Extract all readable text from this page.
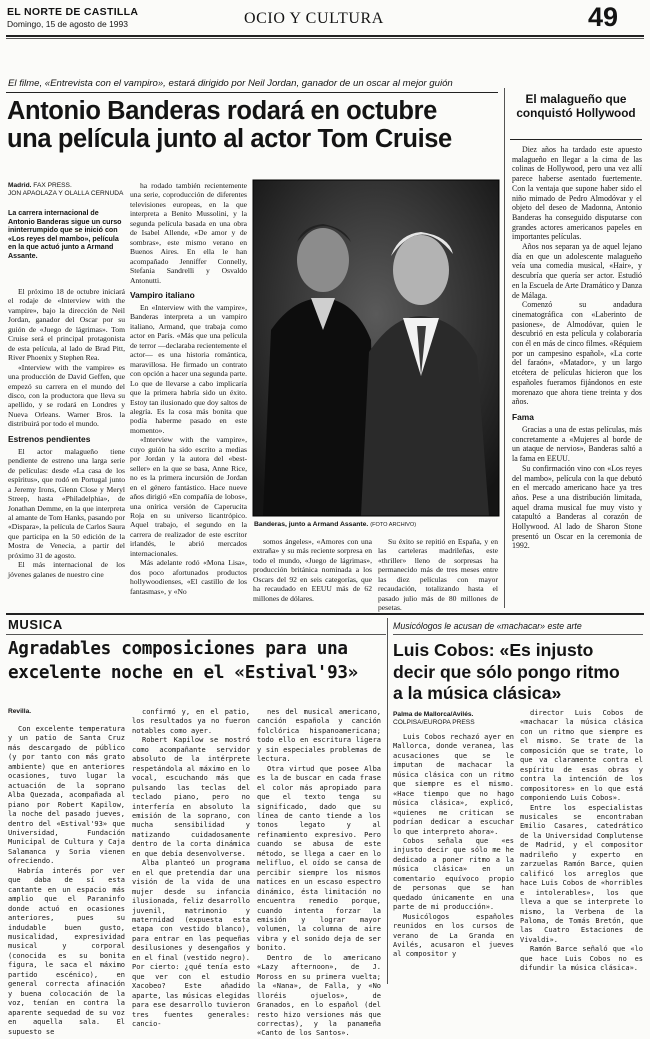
EL NORTE DE CASTILLA
Domingo, 15 de agosto de 1993	OCIO Y CULTURA	49
El filme, «Entrevista con el vampiro», estará dirigido por Neil Jordan, ganador de un oscar al mejor guión
Antonio Banderas rodará en octubre
una película junto al actor Tom Cruise
Madrid. FAX PRESS.
JON APAOLAZA Y OLALLA CERNUDA
La carrera internacional de Antonio Banderas sigue un curso ininterrumpido que se inició con «Los reyes del mambo», película en la que actuó junto a Armand Assante.

El próximo 18 de octubre iniciará el rodaje de «Interview with the vampire», bajo la dirección de Neil Jordan, ganador del Oscar por su guión de «Juego de lágrimas». Tom Cruise será el principal protagonista de esta película, al lado de Brad Pitt, River Phoenix y Stephen Rea.

«Interview with the vampire» es una producción de David Geffen, que empezó su carrera en el mundo del disco, con la productora que lleva su apellido, y se rodará en Londres y Nueva Orleans. Warner Bros. la distribuirá por todo el mundo.

Estrenos pendientes

El actor malagueño tiene pendiente de estreno una larga serie de películas: desde «La casa de los espíritus», que rodó en Portugal junto a Jeremy Irons, Glenn Close y Meryl Streep, hasta «Philadelphia», de Jonathan Demme, en la que interpreta al amante de Tom Hanks, pasando por «Dispara», la película de Carlos Saura que participa en la 50 edición de la Mostra de Venecia, a partir del próximo 31 de agosto.

El más internacional de los jóvenes galanes de nuestro cine

ha rodado también recientemente una serie, coproducción de diferentes televisiones europeas, en la que interpreta a Benito Mussolini, y la segunda película basada en una obra de Isabel Allende, «De amor y de sombras», este mismo verano en Buenos Aires. En ella le han acompañado Jenniffer Connelly, Stefania Sandrelli y Osvaldo Antonutti.

Vampiro italiano

En «Interview with the vampire», Banderas interpreta a un vampiro italiano, Armand, que trabaja como actor en París. «Más que una película de terror —declaraba recientemente el actor— es una historia romántica, maravillosa. He firmado un contrato con opción a hacer una segunda parte. Lo que de llevarse a cabo implicaría que la primera habría sido un éxito. Estoy tan ilusionado que doy saltos de alegría. Es la cosa más bonita que podía haberme pasado en este momento».

«Interview with the vampire», cuyo guión ha sido escrito a medias por Jordan y la autora del «best-seller» en la que se basa, Anne Rice, no es la primera incursión de Jordan en el género fantástico. Hace nueve años dirigió «En compañía de lobos», una onírica versión de Caperucita Roja en su universo licantrópico. Aquel trabajo, el segundo en la carrera de realizador de este escritor irlandés, le abrió mercados internacionales.

Más adelante rodó «Mona Lisa», dos poco afortunados productos hollywoodienses, «El castillo de los fantasmas», y «No

Banderas, junto a Armand Assante. (FOTO ARCHIVO)

somos ángeles», «Amores con una extraña» y su más reciente sorpresa en todo el mundo, «Juego de lágrimas», producción británica nominada a los Oscars del 92 en seis categorías, que ha recaudado en EEUU más de 62 millones de dólares.

Su éxito se repitió en España, y en las carteleras madrileñas, este «thriller» lleno de sorpresas ha permanecido más de tres meses entre las diez películas con mayor recaudación, totalizando hasta el pasado julio más de 80 millones de pesetas.

El malagueño que conquistó Hollywood

Diez años ha tardado este apuesto malagueño en llegar a la cima de las colinas de Hollywood, pero una vez allí parece haberse asentado fuertemente. Con la ventaja que supone haber sido el niño mimado de Pedro Almodóvar y el objeto del deseo de Madonna, Antonio Banderas ha conseguido disputarse con grandes actores americanos papeles en importantes películas.

Años nos separan ya de aquel lejano día en que un adolescente malagueño veía una comedia musical, «Hair», y descubría que quería ser actor. Estudió en la Escuela de Arte Dramático y Danza de Málaga.

Comenzó su andadura cinematográfica con «Laberinto de pasiones», de Almodóvar, quien le descubrió en esta película y colaboraría con él en más de cinco filmes. «Réquiem por un campesino español», «La corte del faraón», «Matador», y un largo etcétera de películas hicieron que los españoles fueramos fijándonos en este morenazo que ahora tiene treinta y dos años.

Fama

Gracias a una de estas películas, más concretamente a «Mujeres al borde de un ataque de nervios», Banderas saltó a la fama en EEUU.

Su confirmación vino con «Los reyes del mambo», película con la que debutó en el mercado americano hace ya tres años. Pese a una distribución limitada, aquel drama musical fue muy visto y catapultó a Banderas al corazón de Hollywood. Al lado de Sharon Stone presentó un Oscar en la ceremonia de 1992.

MUSICA
Agradables composiciones para una
excelente noche en el «Estival'93»
Revilla.

Con excelente temperatura y un patio de Santa Cruz más descargado de público (y por tanto con más grato ambiente) que en anteriores ocasiones, tuvo lugar la actuación de la soprano Alba Quezada, acompañada al piano por Robert Kapilow, la noche del pasado jueves, dentro del «Estival'93» que Universidad, Fundación Municipal de Cultura y Caja Salamanca y Soria vienen ofreciendo.

Habría interés por ver que daba de sí esta cantante en un espacio más amplio que el Paraninfo donde actuó en ocasiones anteriores, pues su indudable buen gusto, musicalidad, expresividad musical y corporal (conocida es su bonita figura, le saca el máximo partido escénico), en general correcta afinación y buena colocación de la voz, tenían en contra la aparente sequedad de su voz en aquella sala. El supuesto se

confirmó y, en el patio, los resultados ya no fueron notables como ayer.

Robert Kapilow se mostró como acompañante servidor absoluto de la intérprete respetándola al máximo en lo vocal, escuchando más que pulsando las teclas del teclado piano, pero no interfería en absoluto la emisión de la soprano, con mucha sensibilidad y matizando cuidadosamente dentro de la corta dinámica en que debía desenvolverse.

Alba planteó un programa en el que pretendía dar una visión de la vida de una mujer desde su infancia ilusionada, feliz desarrollo juvenil, matrimonio y maternidad (expuesta esta etapa con vestido blanco), para entrar en las pequeñas desilusiones y desengaños y en el final (vestido negro). Por cierto: ¿qué tenía esto que ver con el estudio Xacobeo? Este añadido aparte, las músicas elegidas para ese desarrollo tuvieron tres fuentes generales: cancio-

nes del musical americano, canción española y canción folclórica hispanoamericana; todo ello en escritura ligera y sin especiales problemas de lectura.

Otra virtud que posee Alba es la de buscar en cada frase el color más apropiado para que el texto tenga su significado, dado que su línea de canto tiende a los tonos legato y al refinamiento expresivo. Pero cuando se abusa de este método, se llega a caer en lo melifluo, el oído se cansa de percibir siempre los mismos matices en un escaso espectro dinámico, ésta limitación no encuentra remedio porque, cuando intenta forzar la emisión y lograr mayor volumen, la columna de aire vibra y el sonido deja de ser bonito.

Dentro de lo americano «Lazy afternoon», de J. Moross en su primera vuelta; la «Nana», de Falla, y «No lloréis ojuelos», de Granados, en lo español (del resto hizo versiones más que correctas), y la panameña «Canto de los Santos».

Musicólogos le acusan de «machacar» este arte
Luis Cobos: «Es injusto
decir que sólo pongo ritmo
a la música clásica»
Palma de Mallorca/Avilés.
COLPISA/EUROPA PRESS

Luis Cobos rechazó ayer en Mallorca, donde veranea, las acusaciones que se le imputan de machacar la música clásica con un ritmo que siempre es el mismo. «Hace tiempo que no hago música clásica», explicó, «quienes me critican se podrían dedicar a escuchar lo que interpreto ahora».

Cobos señala que «es injusto decir que sólo me he dedicado a poner ritmo a la música clásica» en un comentario equívoco propio de personas que se han quedado únicamente en una parte de mi producción».

Musicólogos españoles reunidos en los cursos de verano de La Granda en Avilés, acusaron el jueves al compositor y

director Luis Cobos de «machacar la música clásica con un ritmo que siempre es el mismo. Se trate de la composición que se trate, lo que va claramente contra el espíritu de esas obras y contra la intención de los compositores» en lo que está componiendo Luis Cobos».

Entre los especialistas musicales se encontraban Emilio Casares, catedrático de la Universidad Complutense de Madrid, y el compositor madrileño y experto en zarzuelas Ramón Barce, quien calificó los arreglos que hace Luis Cobos de «horribles e intolerables», los que lleva a que se interprete lo mismo, la Verbena de la Paloma, de Tomás Bretón, que las Cuatro Estaciones de Vivaldi».

Ramón Barce señaló que «lo que hace Luis Cobos no es difundir la música clásica».
